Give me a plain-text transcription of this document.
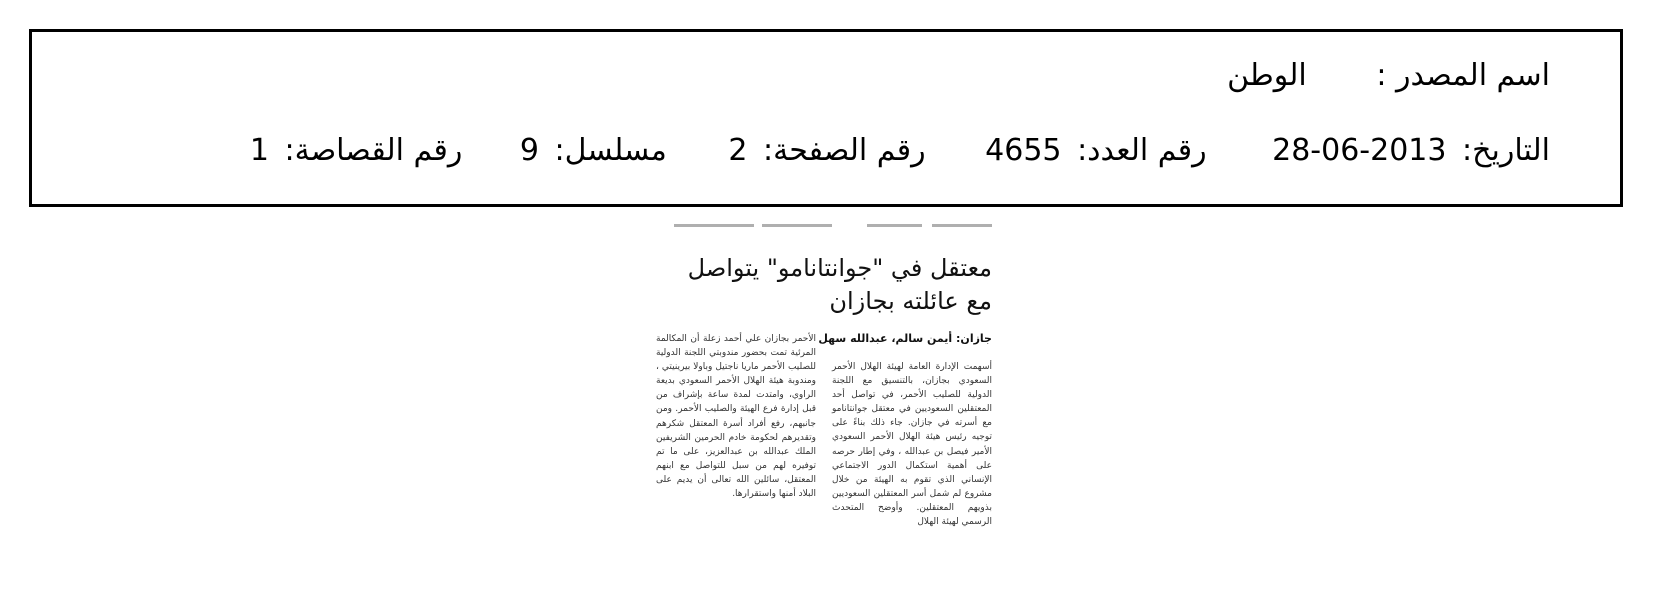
اسم المصدر : الوطن
التاريخ: 28-06-2013 رقم العدد: 4655 رقم الصفحة: 2 مسلسل: 9 رقم القصاصة: 1
معتقل في "جوانتانامو" يتواصل
مع عائلته بجازان
جازان: أيمن سالم، عبدالله سهل

أسهمت الإدارة العامة لهيئة الهلال الأحمر السعودي بجازان، بالتنسيق مع اللجنة الدولية للصليب الأحمر، في تواصل أحد المعتقلين السعوديين في معتقل جوانتانامو مع أسرته في جازان. جاء ذلك بناءً على توجيه رئيس هيئة الهلال الأحمر السعودي الأمير فيصل بن عبدالله ، وفي إطار حرصه على أهمية استكمال الدور الاجتماعي الإنساني الذي تقوم به الهيئة من خلال مشروع لم شمل أسر المعتقلين السعوديين بذويهم المعتقلين. وأوضح المتحدث الرسمي لهيئة الهلال

الأحمر بجازان علي أحمد زعلة أن المكالمة المرئية تمت بحضور مندوبتي اللجنة الدولية للصليب الأحمر ماريا ناجتيل وباولا بيرينيتي ، ومندوبة هيئة الهلال الأحمر السعودي بديعة الراوي، وامتدت لمدة ساعة بإشراف من قبل إدارة فرع الهيئة والصليب الأحمر. ومن جانبهم، رفع أفراد أسرة المعتقل شكرهم وتقديرهم لحكومة خادم الحرمين الشريفين الملك عبدالله بن عبدالعزيز، على ما تم توفيره لهم من سبل للتواصل مع ابنهم المعتقل، سائلين الله تعالى أن يديم على البلاد أمنها واستقرارها.
